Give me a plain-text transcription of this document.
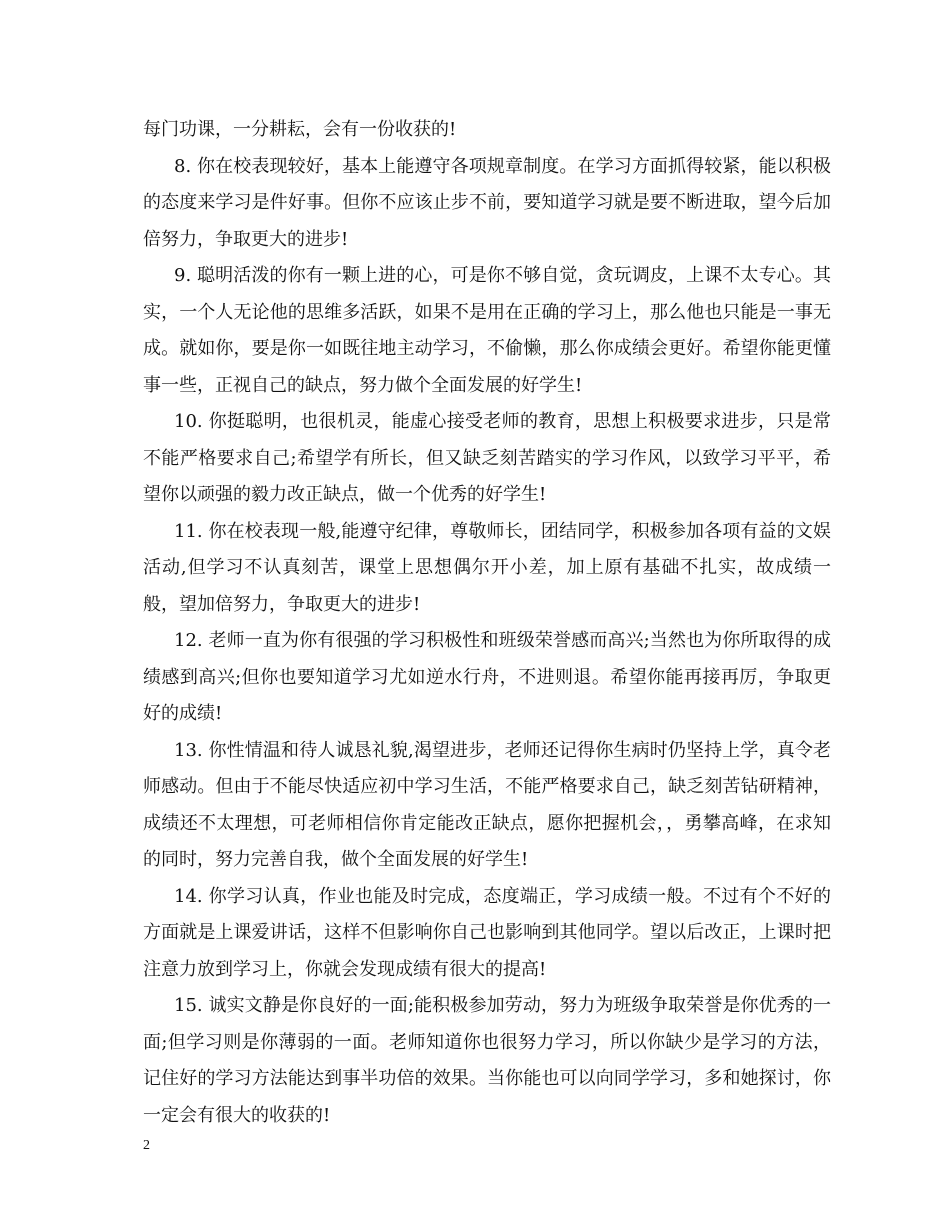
每门功课，一分耕耘，会有一份收获的!

8. 你在校表现较好，基本上能遵守各项规章制度。在学习方面抓得较紧，能以积极的态度来学习是件好事。但你不应该止步不前，要知道学习就是要不断进取，望今后加倍努力，争取更大的进步!

9. 聪明活泼的你有一颗上进的心，可是你不够自觉，贪玩调皮，上课不太专心。其实，一个人无论他的思维多活跃，如果不是用在正确的学习上，那么他也只能是一事无成。就如你，要是你一如既往地主动学习，不偷懒，那么你成绩会更好。希望你能更懂事一些，正视自己的缺点，努力做个全面发展的好学生!

10. 你挺聪明，也很机灵，能虚心接受老师的教育，思想上积极要求进步，只是常不能严格要求自己;希望学有所长，但又缺乏刻苦踏实的学习作风，以致学习平平，希望你以顽强的毅力改正缺点，做一个优秀的好学生!

11. 你在校表现一般,能遵守纪律，尊敬师长，团结同学，积极参加各项有益的文娱活动,但学习不认真刻苦，课堂上思想偶尔开小差，加上原有基础不扎实，故成绩一般，望加倍努力，争取更大的进步!

12. 老师一直为你有很强的学习积极性和班级荣誉感而高兴;当然也为你所取得的成绩感到高兴;但你也要知道学习尤如逆水行舟，不进则退。希望你能再接再厉，争取更好的成绩!

13. 你性情温和待人诚恳礼貌,渴望进步，老师还记得你生病时仍坚持上学，真令老师感动。但由于不能尽快适应初中学习生活，不能严格要求自己，缺乏刻苦钻研精神，成绩还不太理想，可老师相信你肯定能改正缺点，愿你把握机会，，勇攀高峰，在求知的同时，努力完善自我，做个全面发展的好学生!

14. 你学习认真，作业也能及时完成，态度端正，学习成绩一般。不过有个不好的方面就是上课爱讲话，这样不但影响你自己也影响到其他同学。望以后改正，上课时把注意力放到学习上，你就会发现成绩有很大的提高!

15. 诚实文静是你良好的一面;能积极参加劳动，努力为班级争取荣誉是你优秀的一面;但学习则是你薄弱的一面。老师知道你也很努力学习，所以你缺少是学习的方法，记住好的学习方法能达到事半功倍的效果。当你能也可以向同学学习，多和她探讨，你一定会有很大的收获的!

2
